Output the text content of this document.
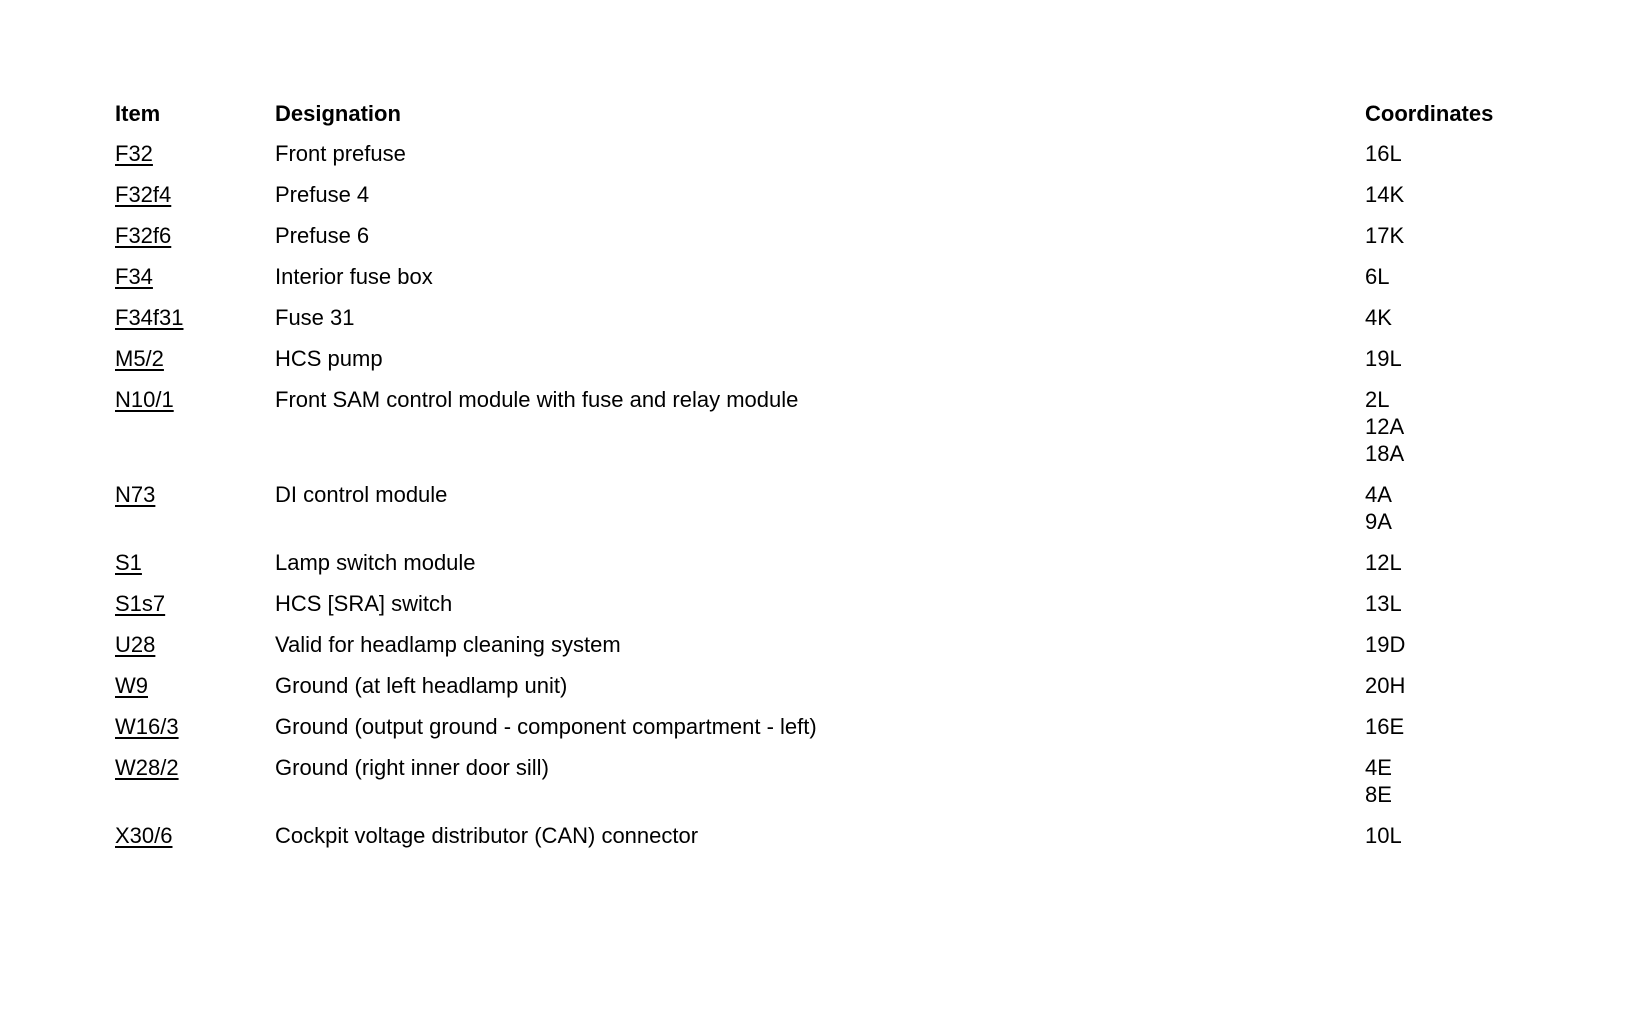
Item	Designation	Coordinates
F32	Front prefuse	16L
F32f4	Prefuse 4	14K
F32f6	Prefuse 6	17K
F34	Interior fuse box	6L
F34f31	Fuse 31	4K
M5/2	HCS pump	19L
N10/1	Front SAM control module with fuse and relay module	2L
12A
18A
N73	DI control module	4A
9A
S1	Lamp switch module	12L
S1s7	HCS [SRA] switch	13L
U28	Valid for headlamp cleaning system	19D
W9	Ground (at left headlamp unit)	20H
W16/3	Ground (output ground - component compartment - left)	16E
W28/2	Ground (right inner door sill)	4E
8E
X30/6	Cockpit voltage distributor (CAN) connector	10L
